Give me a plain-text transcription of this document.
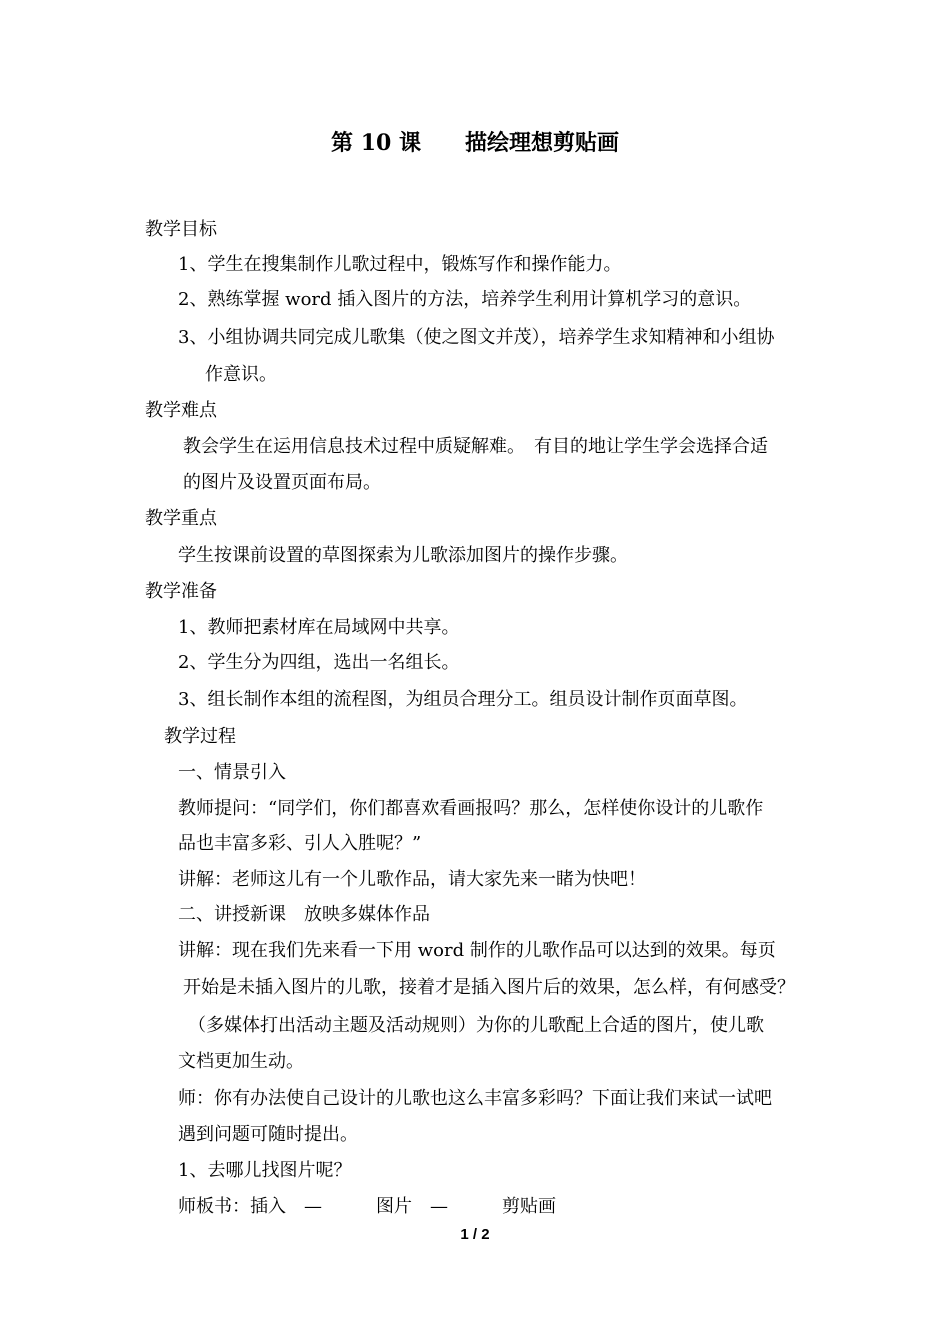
第 10 课　　描绘理想剪贴画
教学目标
1、学生在搜集制作儿歌过程中，锻炼写作和操作能力。
2、熟练掌握 word 插入图片的方法，培养学生利用计算机学习的意识。
3、小组协调共同完成儿歌集（使之图文并茂），培养学生求知精神和小组协
作意识。
教学难点
教会学生在运用信息技术过程中质疑解难。　有目的地让学生学会选择合适
的图片及设置页面布局。
教学重点
学生按课前设置的草图探索为儿歌添加图片的操作步骤。
教学准备
1、教师把素材库在局域网中共享。
2、学生分为四组，选出一名组长。
3、组长制作本组的流程图，为组员合理分工。组员设计制作页面草图。
教学过程
一、情景引入
教师提问：“同学们，你们都喜欢看画报吗？那么，怎样使你设计的儿歌作
品也丰富多彩、引人入胜呢？”
讲解：老师这儿有一个儿歌作品，请大家先来一睹为快吧！
二、讲授新课　放映多媒体作品
讲解：现在我们先来看一下用 word 制作的儿歌作品可以达到的效果。每页
开始是未插入图片的儿歌，接着才是插入图片后的效果，怎么样，有何感受？
（多媒体打出活动主题及活动规则）为你的儿歌配上合适的图片，使儿歌
文档更加生动。
师：你有办法使自己设计的儿歌也这么丰富多彩吗？下面让我们来试一试吧
遇到问题可随时提出。
1、去哪儿找图片呢？
师板书：插入　—　　　图片　—　　　剪贴画
1 / 2
